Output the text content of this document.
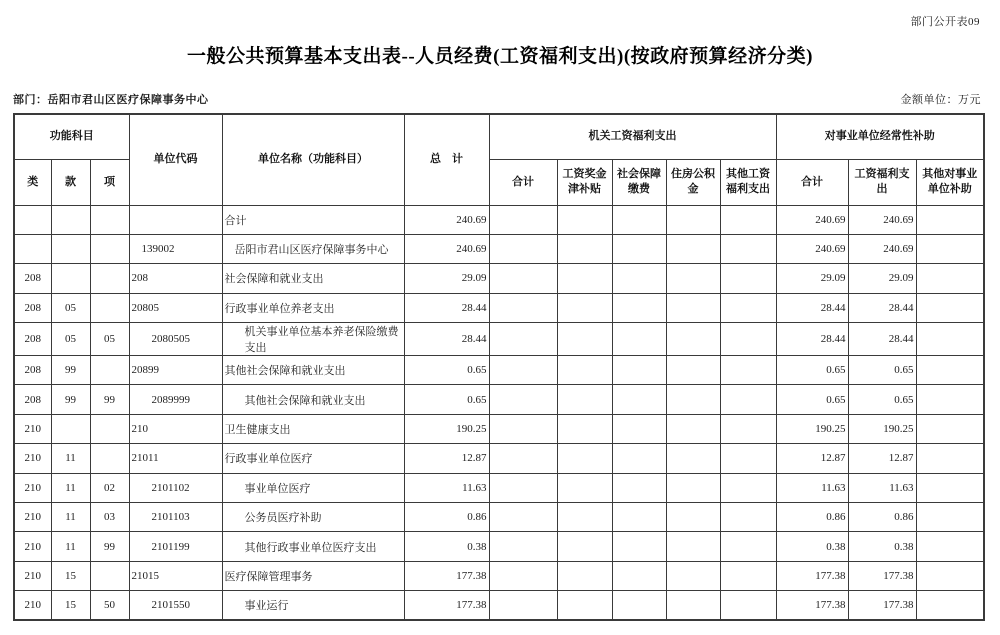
部门公开表09
一般公共预算基本支出表--人员经费(工资福利支出)(按政府预算经济分类)
部门：岳阳市君山区医疗保障事务中心	金额单位：万元
功能科目			单位代码	单位名称（功能科目）	总　计	机关工资福利支出					对事业单位经常性补助		
类	款	项				合计	工资奖金津补贴	社会保障缴费	住房公积金	其他工资福利支出	合计	工资福利支出	其他对事业单位补助
				合计	240.69						240.69	240.69	
			139002	岳阳市君山区医疗保障事务中心	240.69						240.69	240.69	
208			208	社会保障和就业支出	29.09						29.09	29.09	
208	05		20805	行政事业单位养老支出	28.44						28.44	28.44	
208	05	05	2080505	机关事业单位基本养老保险缴费支出	28.44						28.44	28.44	
208	99		20899	其他社会保障和就业支出	0.65						0.65	0.65	
208	99	99	2089999	其他社会保障和就业支出	0.65						0.65	0.65	
210			210	卫生健康支出	190.25						190.25	190.25	
210	11		21011	行政事业单位医疗	12.87						12.87	12.87	
210	11	02	2101102	事业单位医疗	11.63						11.63	11.63	
210	11	03	2101103	公务员医疗补助	0.86						0.86	0.86	
210	11	99	2101199	其他行政事业单位医疗支出	0.38						0.38	0.38	
210	15		21015	医疗保障管理事务	177.38						177.38	177.38	
210	15	50	2101550	事业运行	177.38						177.38	177.38	
